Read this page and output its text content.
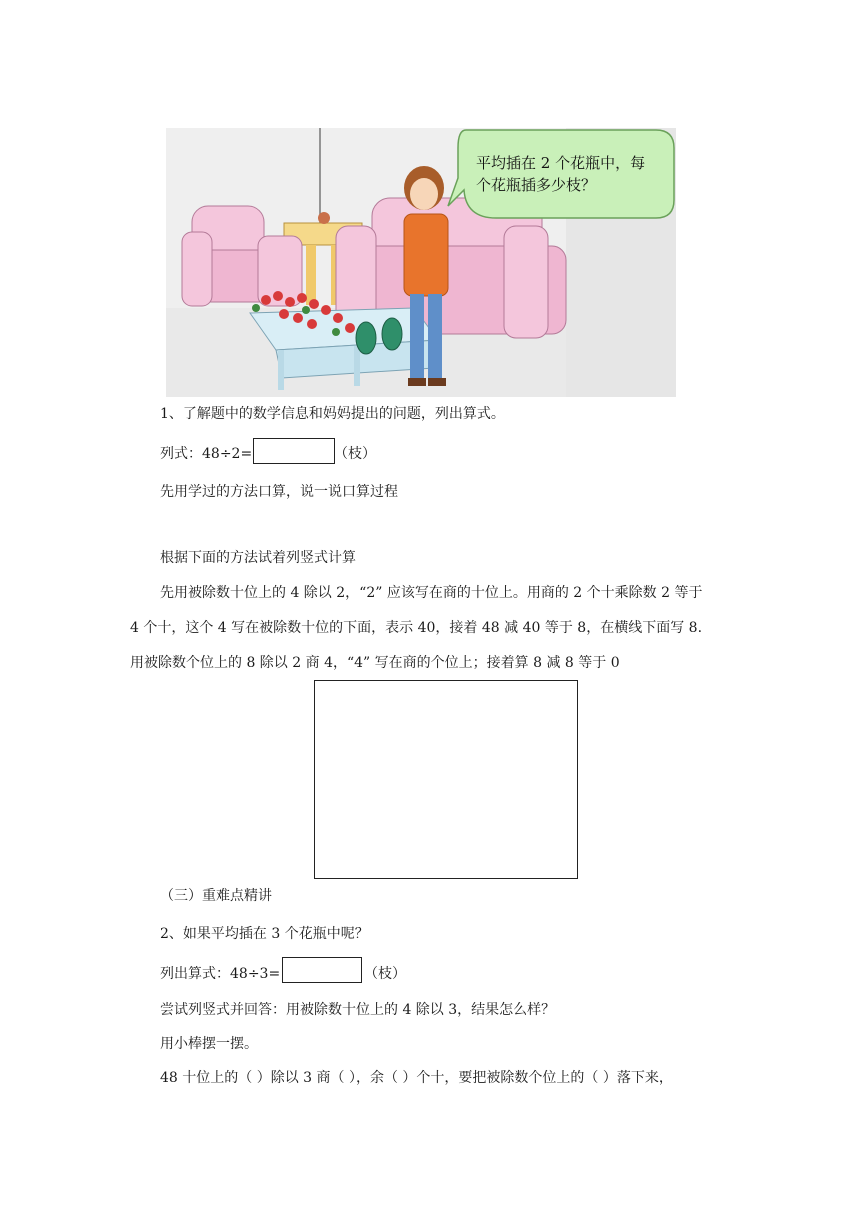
平均插在 2 个花瓶中，每
个花瓶插多少枝？
1、了解题中的数学信息和妈妈提出的问题，列出算式。
列式：48÷2=	（枝）
先用学过的方法口算，说一说口算过程
根据下面的方法试着列竖式计算
先用被除数十位上的 4 除以 2，“2” 应该写在商的十位上。用商的 2 个十乘除数 2 等于
4 个十，这个 4 写在被除数十位的下面，表示 40，接着 48 减 40 等于 8，在横线下面写 8.
用被除数个位上的 8 除以 2 商 4，“4” 写在商的个位上；接着算 8 减 8 等于 0
（三）重难点精讲
2、如果平均插在 3 个花瓶中呢？
列出算式：48÷3=	（枝）
尝试列竖式并回答：用被除数十位上的 4 除以 3，结果怎么样？
用小棒摆一摆。
48 十位上的（ ）除以 3 商（ ），余（ ）个十，要把被除数个位上的（ ）落下来，
